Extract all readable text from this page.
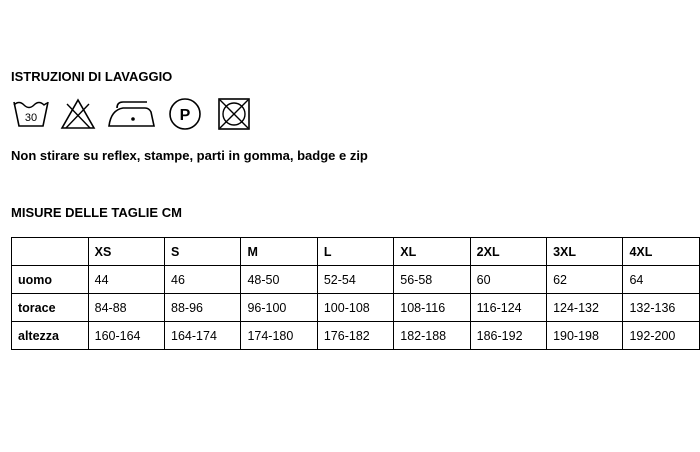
ISTRUZIONI DI LAVAGGIO
30	P
Non stirare su reflex, stampe, parti in gomma, badge e zip
MISURE DELLE TAGLIE CM
	XS	S	M	L	XL	2XL	3XL	4XL
uomo	44	46	48-50	52-54	56-58	60	62	64
torace	84-88	88-96	96-100	100-108	108-116	116-124	124-132	132-136
altezza	160-164	164-174	174-180	176-182	182-188	186-192	190-198	192-200
